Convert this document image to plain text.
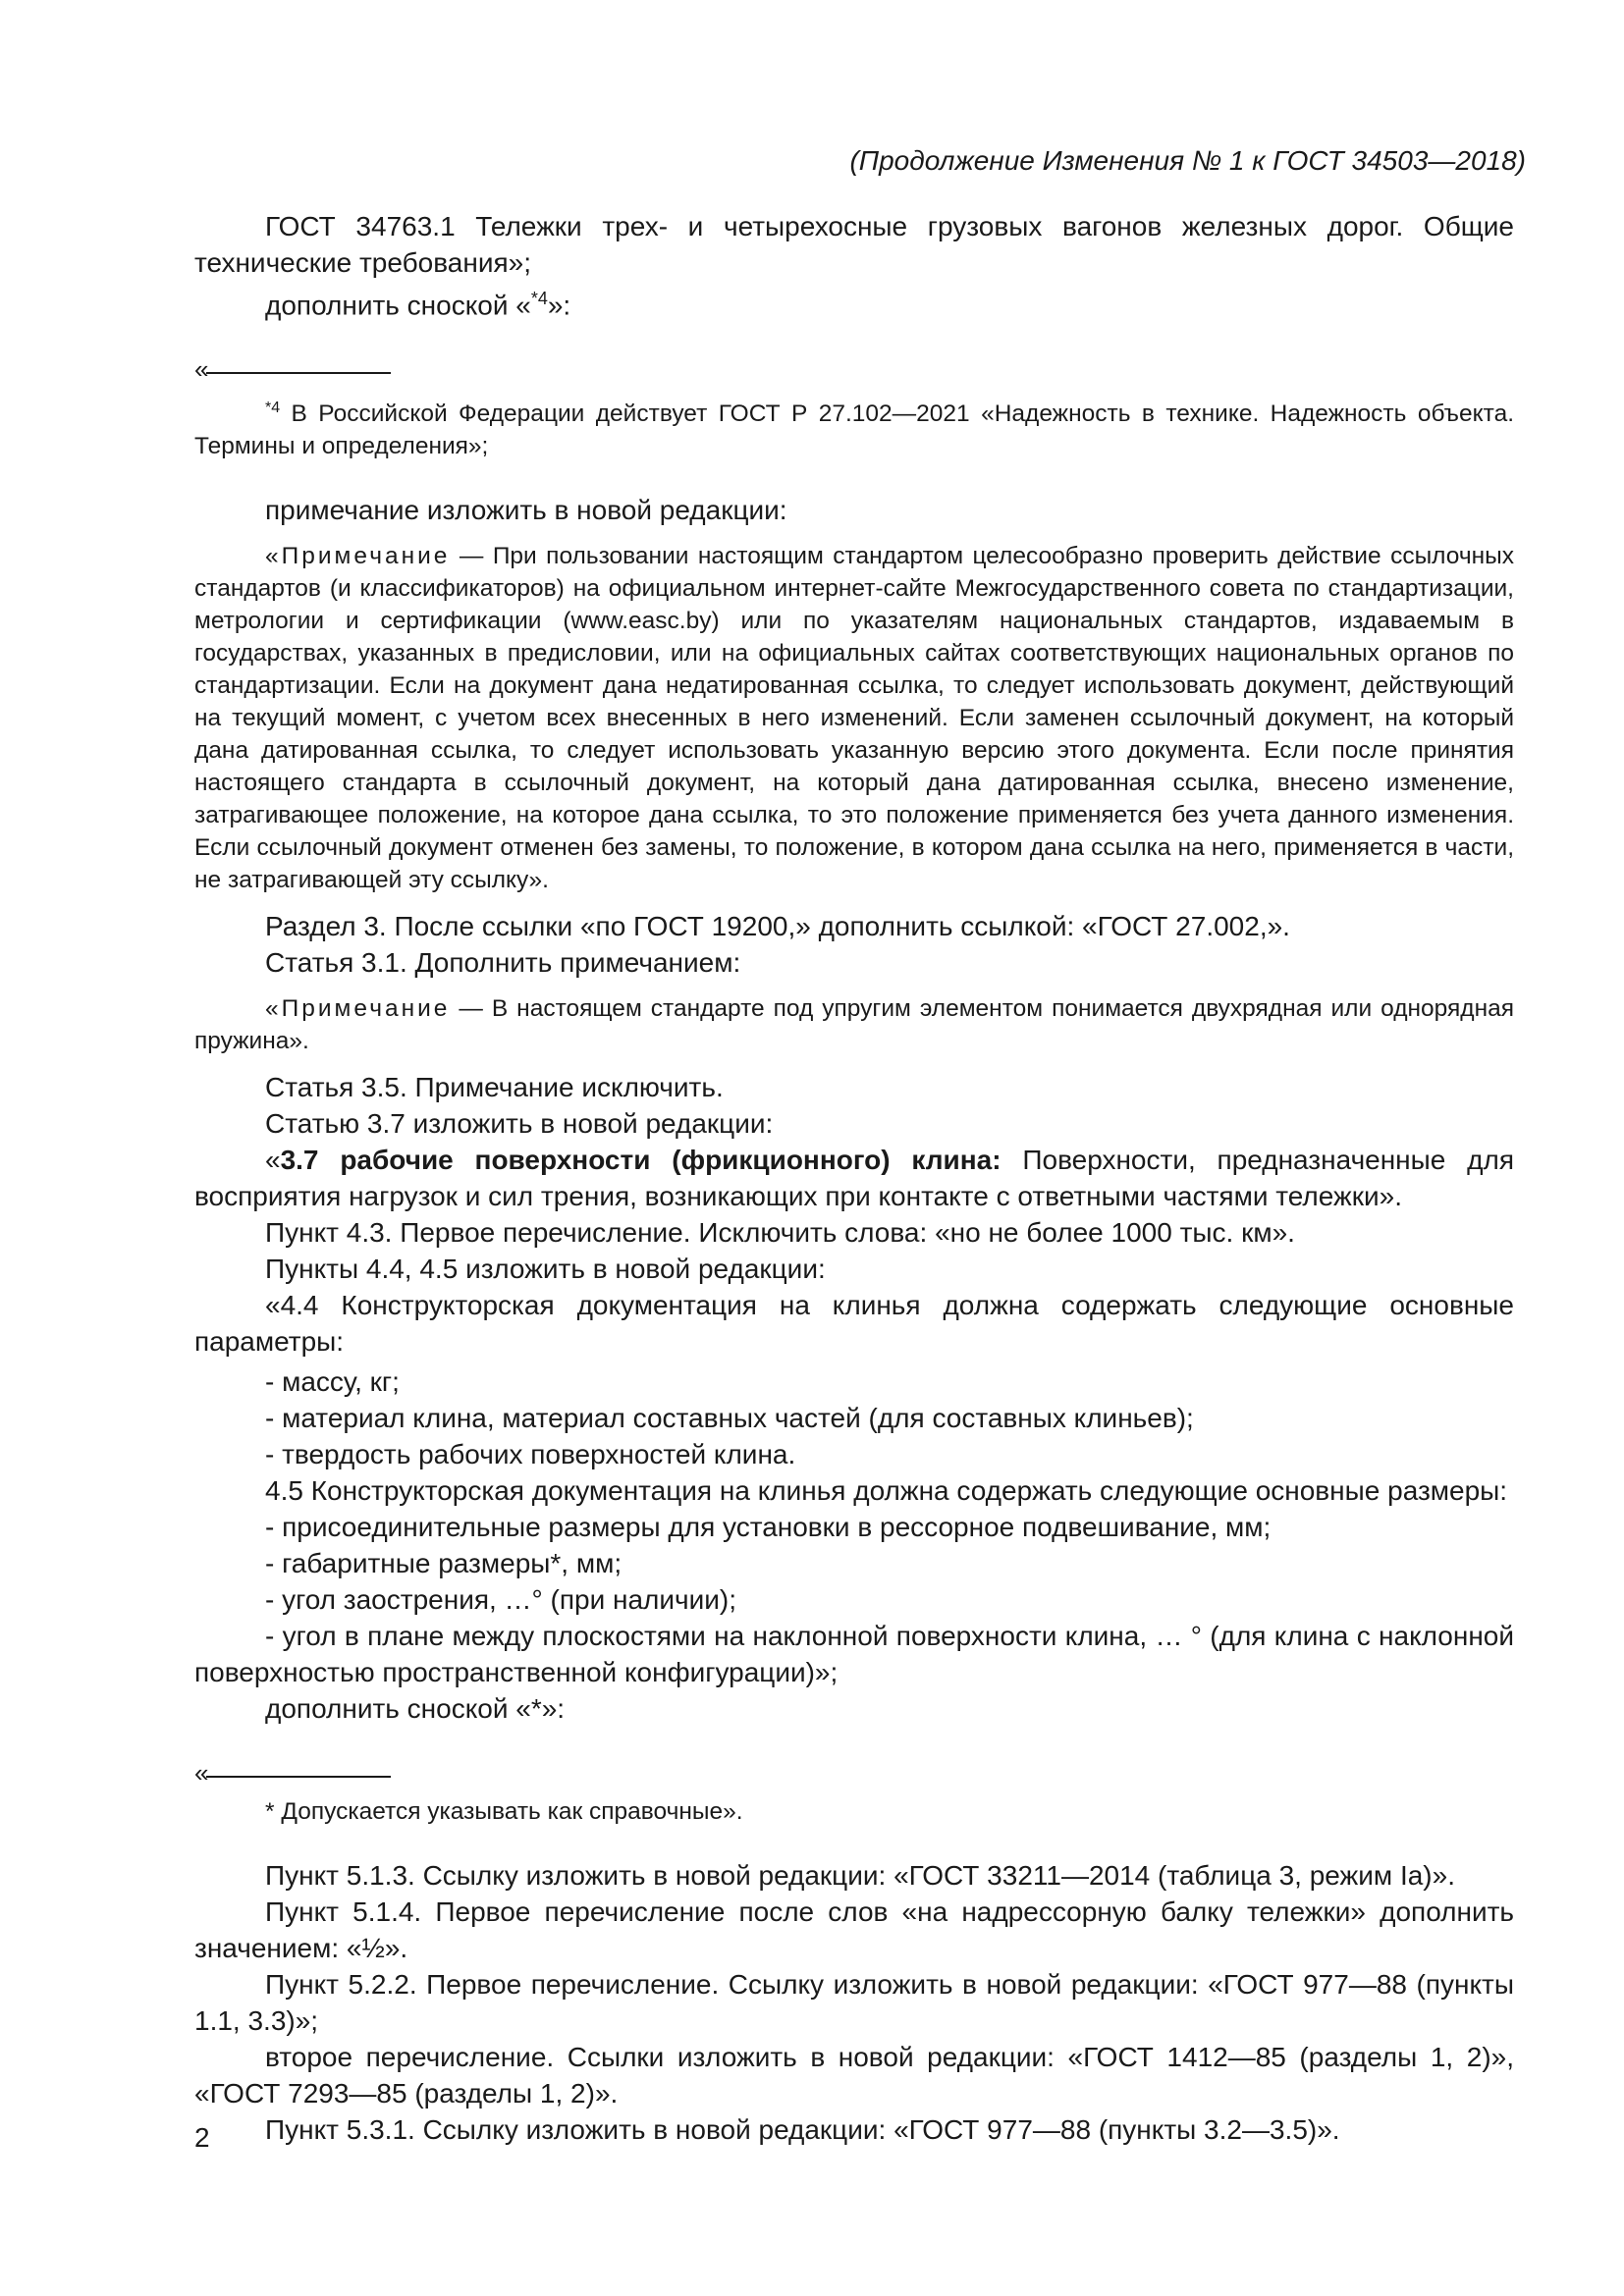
(Продолжение Изменения № 1 к ГОСТ 34503—2018)

ГОСТ 34763.1 Тележки трех- и четырехосные грузовых вагонов железных дорог. Общие технические требования»;

дополнить сноской «$^{*4}$»:

«

$^{*4}$ В Российской Федерации действует ГОСТ Р 27.102—2021 «Надежность в технике. Надежность объекта. Термины и определения»;

примечание изложить в новой редакции:

«Примечание — При пользовании настоящим стандартом целесообразно проверить действие ссылочных стандартов (и классификаторов) на официальном интернет-сайте Межгосударственного совета по стандартизации, метрологии и сертификации (www.easc.by) или по указателям национальных стандартов, издаваемым в государствах, указанных в предисловии, или на официальных сайтах соответствующих национальных органов по стандартизации. Если на документ дана недатированная ссылка, то следует использовать документ, действующий на текущий момент, с учетом всех внесенных в него изменений. Если заменен ссылочный документ, на который дана датированная ссылка, то следует использовать указанную версию этого документа. Если после принятия настоящего стандарта в ссылочный документ, на который дана датированная ссылка, внесено изменение, затрагивающее положение, на которое дана ссылка, то это положение применяется без учета данного изменения. Если ссылочный документ отменен без замены, то положение, в котором дана ссылка на него, применяется в части, не затрагивающей эту ссылку».

Раздел 3. После ссылки «по ГОСТ 19200,» дополнить ссылкой: «ГОСТ 27.002,».

Статья 3.1. Дополнить примечанием:

«Примечание — В настоящем стандарте под упругим элементом понимается двухрядная или однорядная пружина».

Статья 3.5. Примечание исключить.

Статью 3.7 изложить в новой редакции:

«3.7 рабочие поверхности (фрикционного) клина: Поверхности, предназначенные для восприятия нагрузок и сил трения, возникающих при контакте с ответными частями тележки».

Пункт 4.3. Первое перечисление. Исключить слова: «но не более 1000 тыс. км».

Пункты 4.4, 4.5 изложить в новой редакции:

«4.4 Конструкторская документация на клинья должна содержать следующие основные параметры:

- массу, кг;

- материал клина, материал составных частей (для составных клиньев);

- твердость рабочих поверхностей клина.

4.5 Конструкторская документация на клинья должна содержать следующие основные размеры:

- присоединительные размеры для установки в рессорное подвешивание, мм;

- габаритные размеры*, мм;

- угол заострения, …° (при наличии);

- угол в плане между плоскостями на наклонной поверхности клина, … ° (для клина с наклонной поверхностью пространственной конфигурации)»;

дополнить сноской «*»:

«

* Допускается указывать как справочные».

Пункт 5.1.3. Ссылку изложить в новой редакции: «ГОСТ 33211—2014 (таблица 3, режим Ia)».

Пункт 5.1.4. Первое перечисление после слов «на надрессорную балку тележки» дополнить значением: «½».

Пункт 5.2.2. Первое перечисление. Ссылку изложить в новой редакции: «ГОСТ 977—88 (пункты 1.1, 3.3)»;

второе перечисление. Ссылки изложить в новой редакции: «ГОСТ 1412—85 (разделы 1, 2)», «ГОСТ 7293—85 (разделы 1, 2)».

Пункт 5.3.1. Ссылку изложить в новой редакции: «ГОСТ 977—88 (пункты 3.2—3.5)».

2
